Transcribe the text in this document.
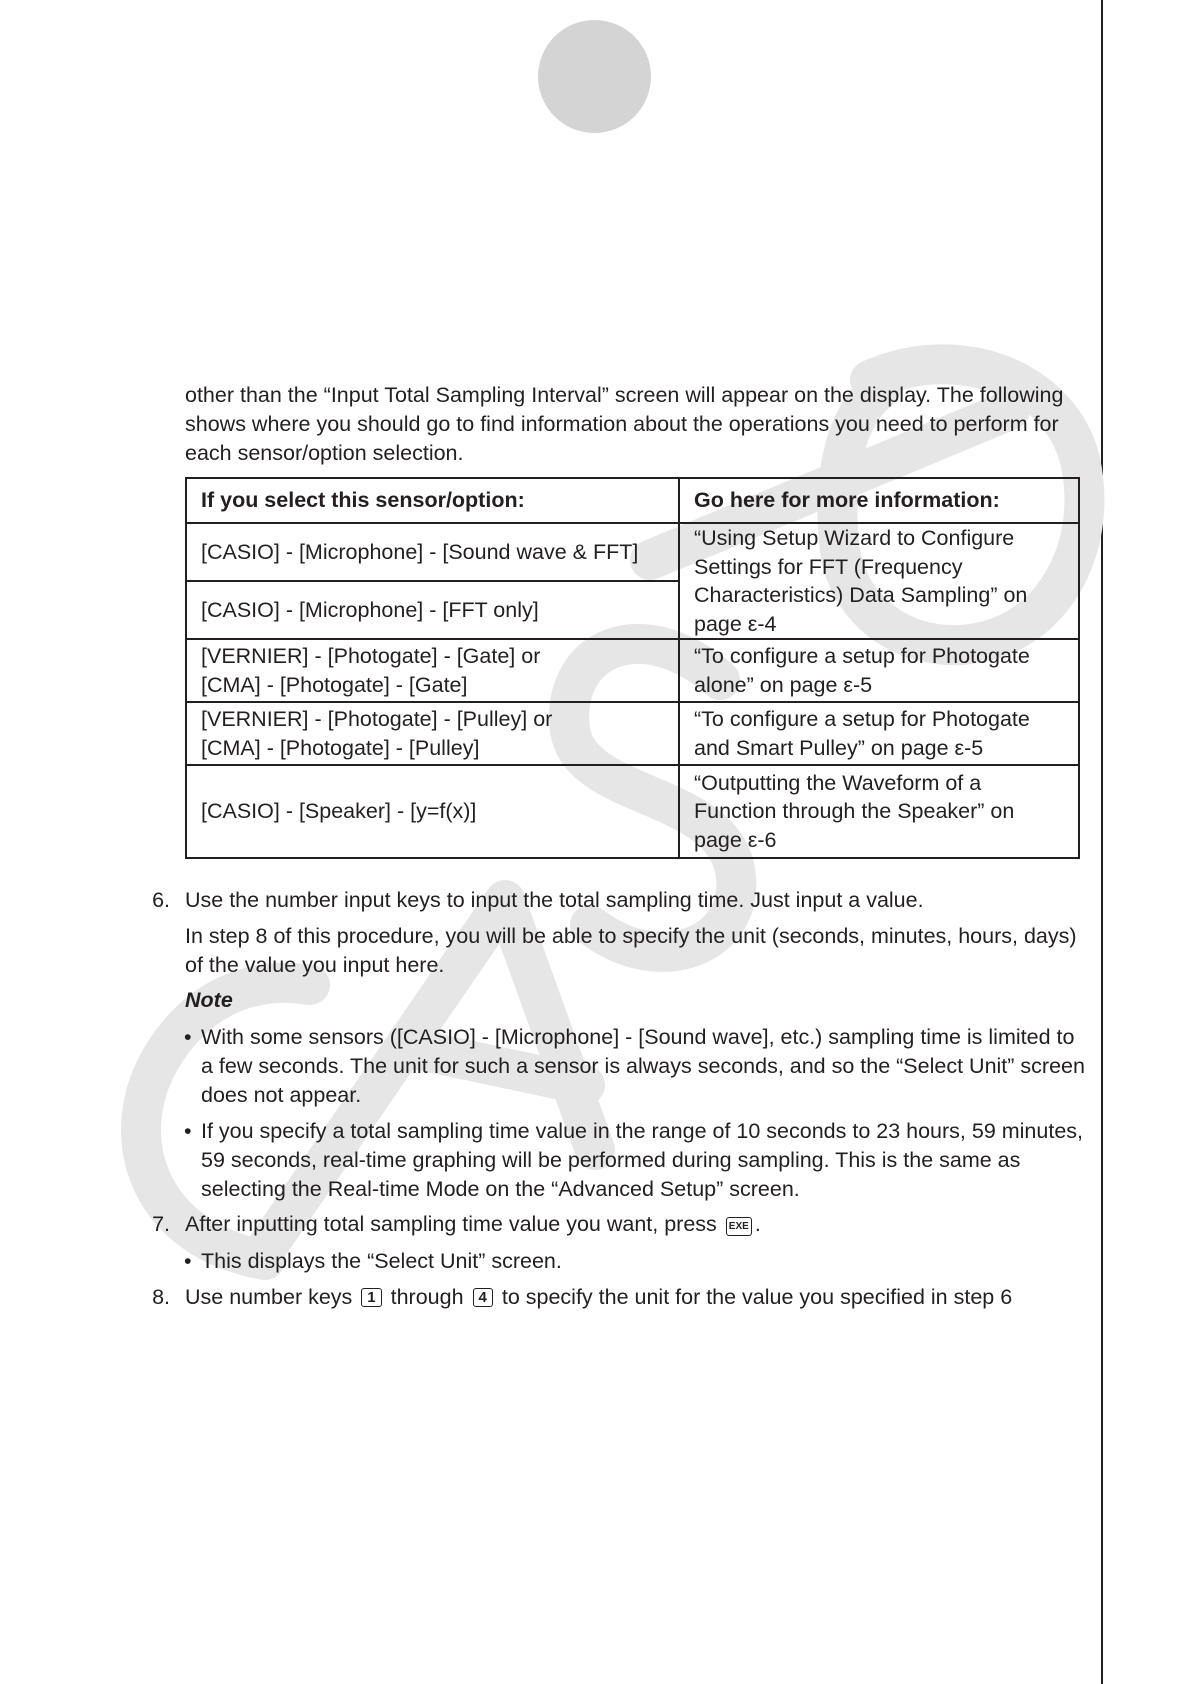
other than the “Input Total Sampling Interval” screen will appear on the display. The following shows where you should go to find information about the operations you need to perform for each sensor/option selection.

If you select this sensor/option:	Go here for more information:
[CASIO] - [Microphone] - [Sound wave & FFT]	“Using Setup Wizard to Configure Settings for FFT (Frequency Characteristics) Data Sampling” on page ε-4
[CASIO] - [Microphone] - [FFT only]	
[VERNIER] - [Photogate] - [Gate] or
[CMA] - [Photogate] - [Gate]	“To configure a setup for Photogate alone” on page ε-5
[VERNIER] - [Photogate] - [Pulley] or
[CMA] - [Photogate] - [Pulley]	“To configure a setup for Photogate and Smart Pulley” on page ε-5
[CASIO] - [Speaker] - [y=f(x)]	“Outputting the Waveform of a Function through the Speaker” on page ε-6

6. Use the number input keys to input the total sampling time. Just input a value.

In step 8 of this procedure, you will be able to specify the unit (seconds, minutes, hours, days) of the value you input here.

Note

• With some sensors ([CASIO] - [Microphone] - [Sound wave], etc.) sampling time is limited to a few seconds. The unit for such a sensor is always seconds, and so the “Select Unit” screen does not appear.

• If you specify a total sampling time value in the range of 10 seconds to 23 hours, 59 minutes, 59 seconds, real-time graphing will be performed during sampling. This is the same as selecting the Real-time Mode on the “Advanced Setup” screen.

7. After inputting total sampling time value you want, press EXE .

• This displays the “Select Unit” screen.

8. Use number keys 1 through 4 to specify the unit for the value you specified in step 6
